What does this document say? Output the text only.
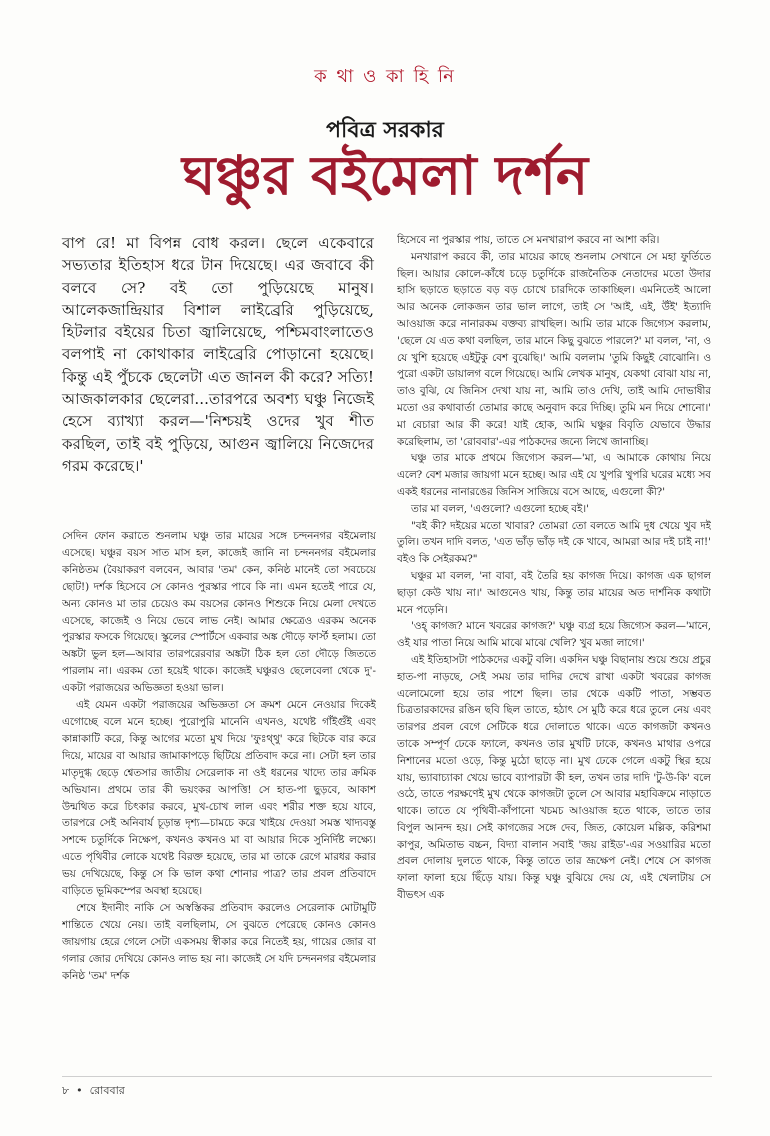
ক থা ও কা হি নি
পবিত্র সরকার
ঘঞ্চুর বইমেলা দর্শন
বাপ রে! মা বিপন্ন বোধ করল। ছেলে একেবারে সভ্যতার ইতিহাস ধরে টান দিয়েছে। এর জবাবে কী বলবে সে? বই তো পুড়িয়েছে মানুষ। আলেকজান্দ্রিয়ার বিশাল লাইব্রেরি পুড়িয়েছে, হিটলার বইয়ের চিতা জ্বালিয়েছে, পশ্চিমবাংলাতেও বলপাই না কোথাকার লাইব্রেরি পোড়ানো হয়েছে। কিন্তু এই পুঁচকে ছেলেটা এত জানল কী করে? সত্যি! আজকালকার ছেলেরা...তারপরে অবশ্য ঘঞ্চু নিজেই হেসে ব্যাখ্যা করল—'নিশ্চয়ই ওদের খুব শীত করছিল, তাই বই পুড়িয়ে, আগুন জ্বালিয়ে নিজেদের গরম করেছে।'

সেদিন ফোন করাতে শুনলাম ঘঞ্চু তার মায়ের সঙ্গে চন্দননগর বইমেলায় এসেছে। ঘঞ্চুর বয়স সাত মাস হল, কাজেই জানি না চন্দননগর বইমেলার কনিষ্ঠতম (বৈয়াকরণ বলবেন, আবার 'তম' কেন, কনিষ্ঠ মানেই তো সবচেয়ে ছোট!) দর্শক হিসেবে সে কোনও পুরস্কার পাবে কি না। এমন হতেই পারে যে, অন্য কোনও মা তার চেয়েও কম বয়সের কোনও শিশুকে নিয়ে মেলা দেখতে এসেছে, কাজেই ও নিয়ে ভেবে লাভ নেই। আমার ক্ষেত্রেও এরকম অনেক পুরস্কার ফসকে গিয়েছে। স্কুলের স্পোর্টসে একবার অঙ্ক দৌড়ে ফার্স্ট হলাম। তো অঙ্কটা ভুল হল—আবার তারপরেরবার অঙ্কটা ঠিক হল তো দৌড়ে জিততে পারলাম না। এরকম তো হয়েই থাকে। কাজেই ঘঞ্চুরও ছেলেবেলা থেকে দু'-একটা পরাজয়ের অভিজ্ঞতা হওয়া ভাল।

এই যেমন একটা পরাজয়ের অভিজ্ঞতা সে ক্রমশ মেনে নেওয়ার দিকেই এগোচ্ছে বলে মনে হচ্ছে। পুরোপুরি মানেনি এখনও, যথেষ্ট গাঁইগুঁই এবং কান্নাকাটি করে, কিন্তু আগের মতো মুখ দিয়ে 'ফুঃথ্থু' করে ছিটকে বার করে দিয়ে, মায়ের বা আয়ার জামাকাপড়ে ছিটিয়ে প্রতিবাদ করে না। সেটা হল তার মাতৃদুগ্ধ ছেড়ে শ্বেতসার জাতীয় সেরেলাক না ওই ধরনের খাদ্যে তার ক্রমিক অভিযান। প্রথমে তার কী ভয়ংকর আপত্তি! সে হাত-পা ছুড়বে, আকাশ উন্মথিত করে চিৎকার করবে, মুখ-চোখ লাল এবং শরীর শক্ত হয়ে যাবে, তারপরে সেই অনিবার্য চূড়ান্ত দৃশ্য—চামচে করে খাইয়ে দেওয়া সমস্ত খাদ্যবস্তু সশব্দে চতুর্দিকে নিক্ষেপ, কখনও কখনও মা বা আয়ার দিকে সুনির্দিষ্ট লক্ষ্যে। এতে পৃথিবীর লোকে যথেষ্ট বিরক্ত হয়েছে, তার মা তাকে রেগে মারধর করার ভয় দেখিয়েছে, কিন্তু সে কি ভাল কথা শোনার পাত্র? তার প্রবল প্রতিবাদে বাড়িতে ভূমিকম্পের অবস্থা হয়েছে।

শেষে ইদানীং নাকি সে অস্বস্তিকর প্রতিবাদ করলেও সেরেলাক মোটামুটি শান্তিতে খেয়ে নেয়। তাই বলছিলাম, সে বুঝতে পেরেছে কোনও কোনও জায়গায় হেরে গেলে সেটা একসময় স্বীকার করে নিতেই হয়, গায়ের জোর বা গলার জোর দেখিয়ে কোনও লাভ হয় না। কাজেই সে যদি চন্দননগর বইমেলার কনিষ্ঠ 'তম' দর্শক

হিসেবে না পুরস্কার পায়, তাতে সে মনখারাপ করবে না আশা করি।

মনখারাপ করবে কী, তার মায়ের কাছে শুনলাম সেখানে সে মহা ফুর্তিতে ছিল। আয়ার কোলে-কাঁধে চড়ে চতুর্দিকে রাজনৈতিক নেতাদের মতো উদার হাসি ছড়াতে ছড়াতে বড় বড় চোখে চারদিকে তাকাচ্ছিল। এমনিতেই আলো আর অনেক লোকজন তার ভাল লাগে, তাই সে 'আই, এই, উঁই' ইত্যাদি আওয়াজ করে নানারকম বক্তব্য রাখছিল। আমি তার মাকে জিগ্যেস করলাম, 'ছেলে যে এত কথা বলছিল, তার মানে কিছু বুঝতে পারলে?' মা বলল, 'না, ও যে খুশি হয়েছে এইটুকু বেশ বুঝেছি।' আমি বললাম 'তুমি কিছুই বোঝোনি। ও পুরো একটা ডায়ালগ বলে গিয়েছে। আমি লেখক মানুষ, যেকথা বোঝা যায় না, তাও বুঝি, যে জিনিস দেখা যায় না, আমি তাও দেখি, তাই আমি দোভাষীর মতো ওর কথাবার্তা তোমার কাছে অনুবাদ করে দিচ্ছি। তুমি মন দিয়ে শোনো।' মা বেচারা আর কী করে! যাই হোক, আমি ঘঞ্চুর বিবৃতি যেভাবে উদ্ধার করেছিলাম, তা 'রোববার'-এর পাঠকদের জন্যে লিখে জানাচ্ছি।

ঘঞ্চু তার মাকে প্রথমে জিগ্যেস করল—'মা, এ আমাকে কোথায় নিয়ে এলে? বেশ মজার জায়গা মনে হচ্ছে। আর এই যে খুপরি খুপরি ঘরের মধ্যে সব একই ধরনের নানারঙের জিনিস সাজিয়ে বসে আছে, এগুলো কী?'

তার মা বলল, 'এগুলো? এগুলো হচ্ছে বই।'

"বই কী? দইয়ের মতো খাবার? তোমরা তো বলতে আমি দুধ খেয়ে খুব দই তুলি। তখন দাদি বলত, 'এত ভাঁড় ভাঁড় দই কে খাবে, আমরা আর দই চাই না!' বইও কি সেইরকম?"

ঘঞ্চুর মা বলল, 'না বাবা, বই তৈরি হয় কাগজ দিয়ে। কাগজ এক ছাগল ছাড়া কেউ খায় না।' আগুনেও খায়, কিন্তু তার মায়ের অত দার্শনিক কথাটা মনে পড়েনি।

'ওহ্ কাগজ? মানে খবরের কাগজ?' ঘঞ্চু ব্যগ্র হয়ে জিগ্যেস করল—'মানে, ওই যার পাতা নিয়ে আমি মাঝে মাঝে খেলি? খুব মজা লাগে।'

এই ইতিহাসটা পাঠকদের একটু বলি। একদিন ঘঞ্চু বিছানায় শুয়ে শুয়ে প্রচুর হাত-পা নাড়ছে, সেই সময় তার দাদির দেখে রাখা একটা খবরের কাগজ এলোমেলো হয়ে তার পাশে ছিল। তার থেকে একটি পাতা, সম্ভবত চিত্রতারকাদের রঙিন ছবি ছিল তাতে, হঠাৎ সে মুঠি করে ধরে তুলে নেয় এবং তারপর প্রবল বেগে সেটিকে ধরে দোলাতে থাকে। এতে কাগজটা কখনও তাকে সম্পূর্ণ ঢেকে ফ্যালে, কখনও তার মুখটি ঢাকে, কখনও মাথার ওপরে নিশানের মতো ওড়ে, কিন্তু মুঠো ছাড়ে না। মুখ ঢেকে গেলে একটু স্থির হয়ে যায়, ভ্যাবাচ্যাকা খেয়ে ভাবে ব্যাপারটা কী হল, তখন তার দাদি 'টু-উ-কি' বলে ওঠে, তাতে পরক্ষণেই মুখ থেকে কাগজটা তুলে সে আবার মহাবিক্রমে নাড়াতে থাকে। তাতে যে পৃথিবী-কাঁপানো খচমচ আওয়াজ হতে থাকে, তাতে তার বিপুল আনন্দ হয়। সেই কাগজের সঙ্গে দেব, জিত, কোয়েল মল্লিক, করিশমা কাপুর, অমিতাভ বচ্চন, বিদ্যা বালান সবাই 'জয় রাইড'-এর সওয়ারির মতো প্রবল দোলায় দুলতে থাকে, কিন্তু তাতে তার ভ্রূক্ষেপ নেই। শেষে সে কাগজ ফালা ফালা হয়ে ছিঁড়ে যায়। কিন্তু ঘঞ্চু বুঝিয়ে দেয় যে, এই খেলাটায় সে বীভৎস এক

৮  •  রোববার
